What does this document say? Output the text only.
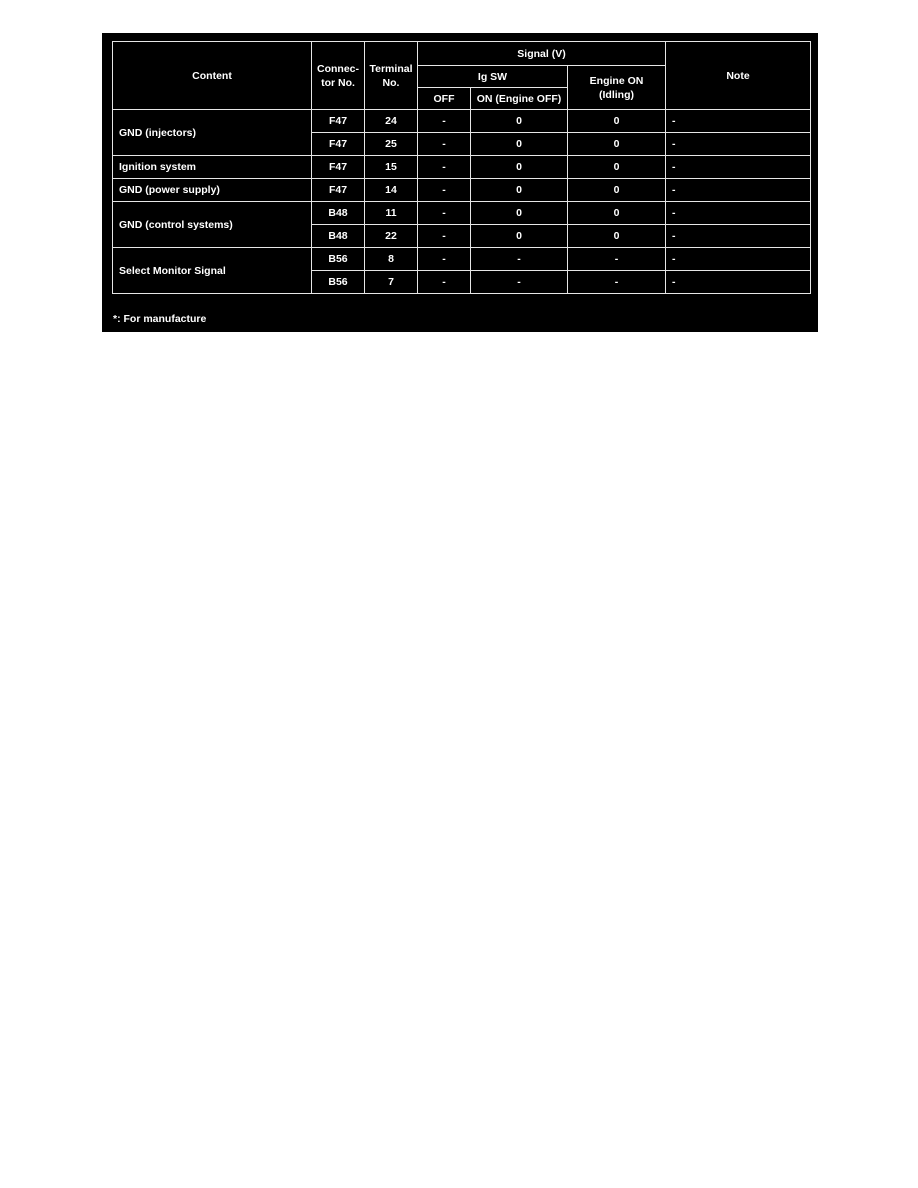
Content	Connec- tor No.	Terminal No.	Signal (V)			Note
			Ig SW		Engine ON (Idling)	
			OFF	ON (Engine OFF)		
GND (injectors)	F47	24	-	0	0	-
	F47	25	-	0	0	-
Ignition system	F47	15	-	0	0	-
GND (power supply)	F47	14	-	0	0	-
GND (control systems)	B48	11	-	0	0	-
	B48	22	-	0	0	-
Select Monitor Signal	B56	8	-	-	-	-
	B56	7	-	-	-	-
*: For manufacture
